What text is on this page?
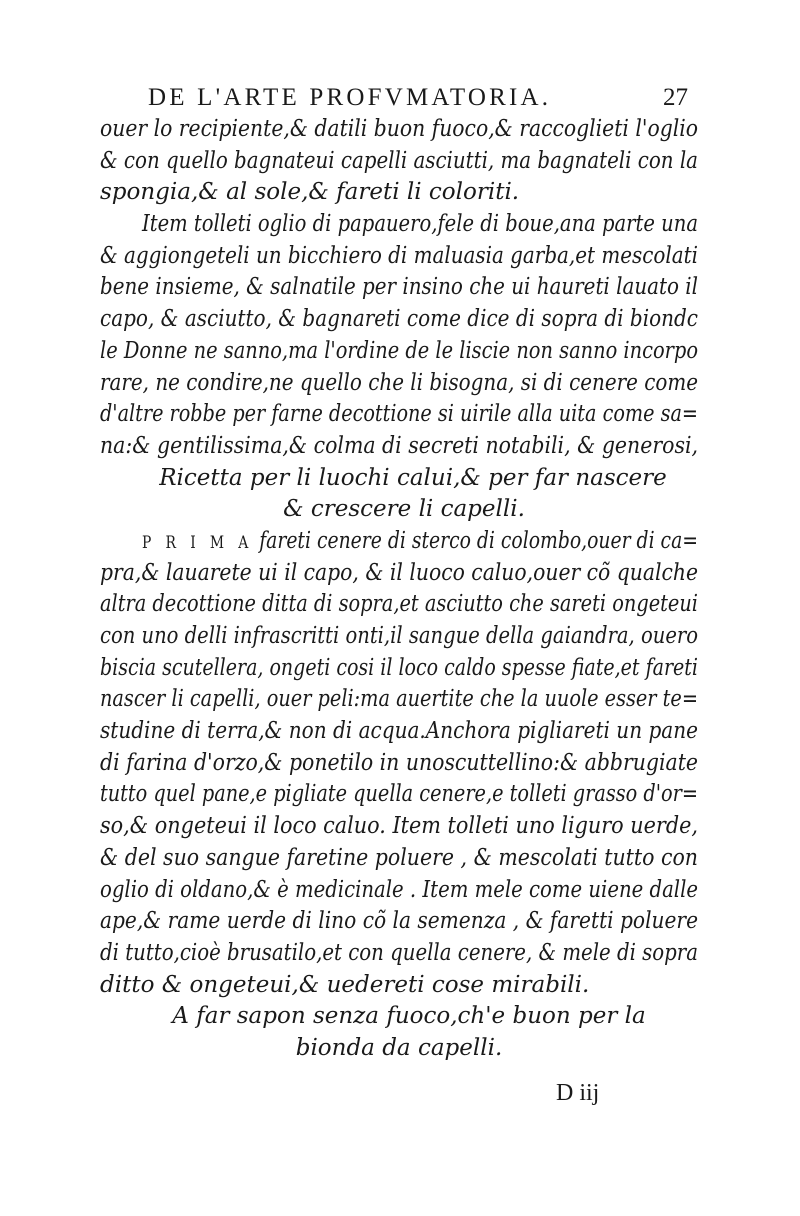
DE L'ARTE PROFVMATORIA.	27
ouer lo recipiente,& datili buon fuoco,& raccoglieti l'oglio
& con quello bagnateui capelli asciutti, ma bagnateli con la
spongia,& al sole,& fareti li coloriti.
Item tolleti oglio di papauero,fele di boue,ana parte una
& aggiongeteli un bicchiero di maluasia garba,et mescolati
bene insieme, & salnatile per insino che ui haureti lauato il
capo, & asciutto, & bagnareti come dice di sopra di biondc
le Donne ne sanno,ma l'ordine de le liscie non sanno incorpo
rare, ne condire,ne quello che li bisogna, si di cenere come
d'altre robbe per farne decottione si uirile alla uita come sa=
na:& gentilissima,& colma di secreti notabili, & generosi,
Ricetta per li luochi calui,& per far nascere
& crescere li capelli.
P R I M A fareti cenere di sterco di colombo,ouer di ca=
pra,& lauarete ui il capo, & il luoco caluo,ouer cõ qualche
altra decottione ditta di sopra,et asciutto che sareti ongeteui
con uno delli infrascritti onti,il sangue della gaiandra, ouero
biscia scutellera, ongeti cosi il loco caldo spesse fiate,et fareti
nascer li capelli, ouer peli:ma auertite che la uuole esser te=
studine di terra,& non di acqua.Anchora pigliareti un pane
di farina d'orzo,& ponetilo in unoscuttellino:& abbrugiate
tutto quel pane,e pigliate quella cenere,e tolleti grasso d'or=
so,& ongeteui il loco caluo. Item tolleti uno liguro uerde,
& del suo sangue faretine poluere , & mescolati tutto con
oglio di oldano,& è medicinale . Item mele come uiene dalle
ape,& rame uerde di lino cõ la semenza , & faretti poluere
di tutto,cioè brusatilo,et con quella cenere, & mele di sopra
ditto & ongeteui,& uedereti cose mirabili.
A far sapon senza fuoco,ch'e buon per la
bionda da capelli.
D iij
